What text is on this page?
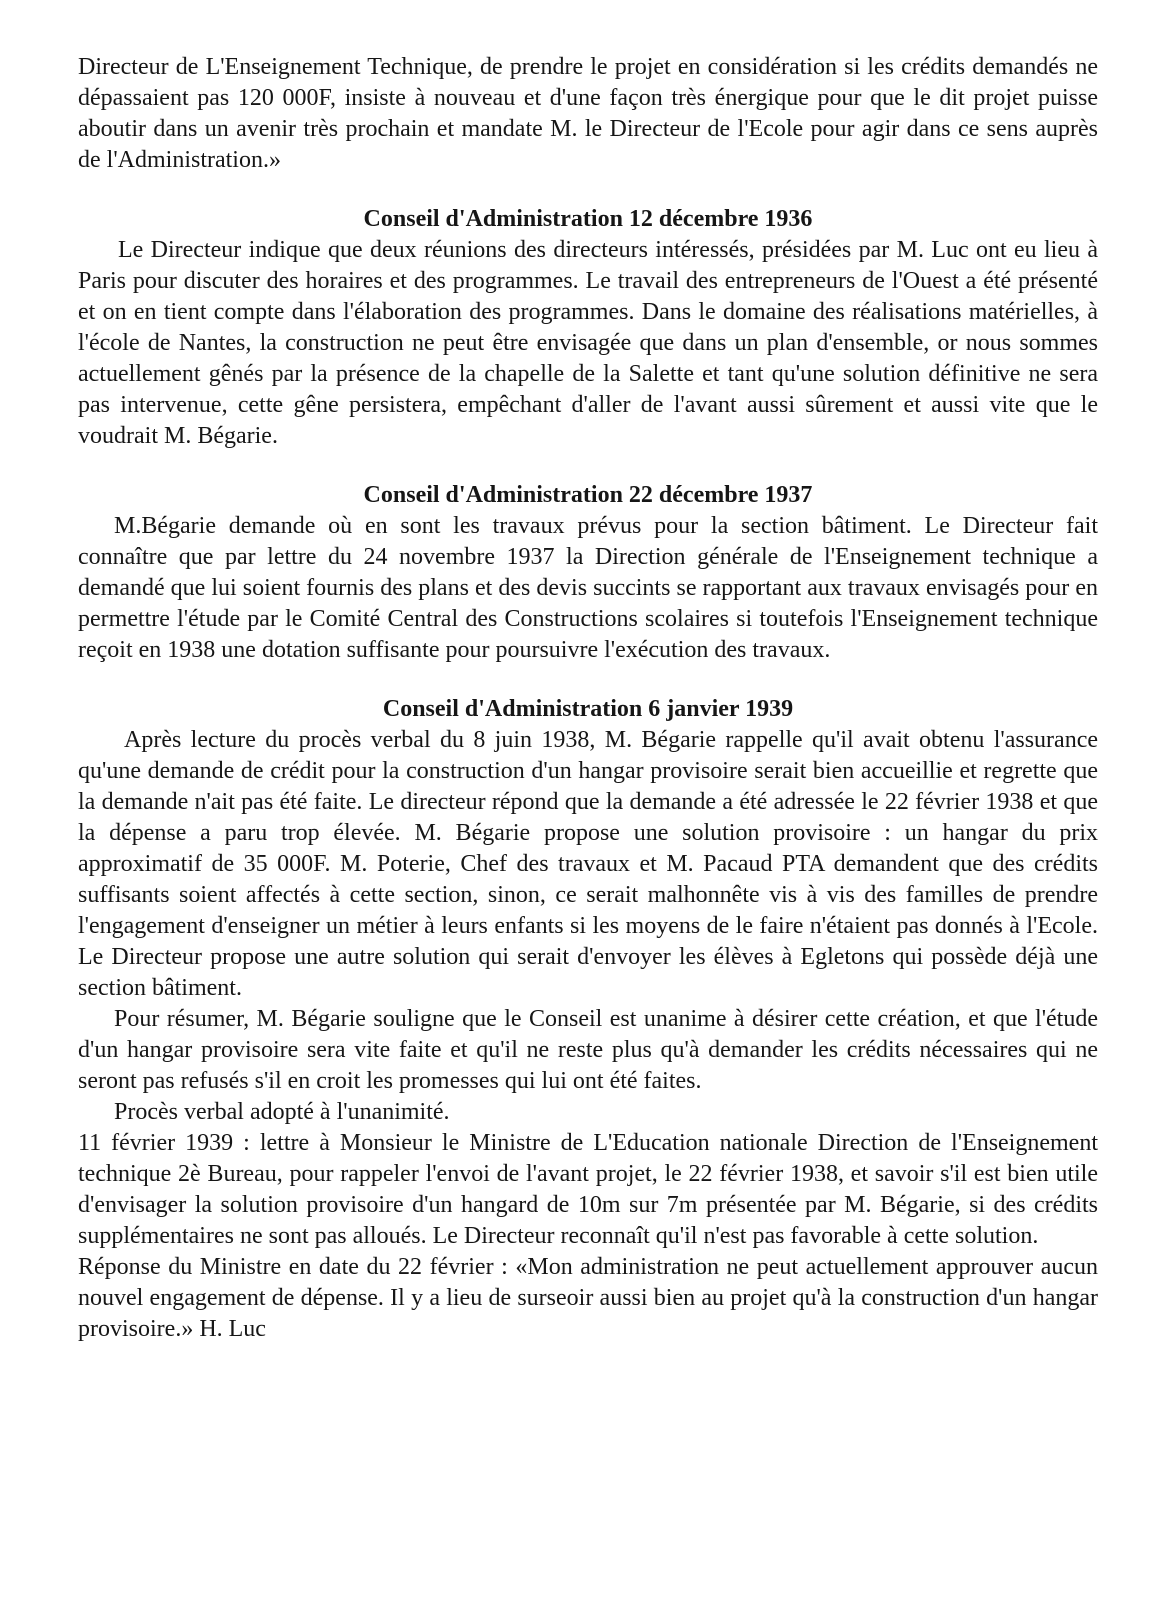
Directeur de L'Enseignement Technique, de prendre le projet en considération si les crédits demandés ne dépassaient pas 120 000F, insiste à nouveau et d'une façon très énergique pour que le dit projet puisse aboutir dans un avenir très prochain et mandate M. le Directeur de l'Ecole pour agir dans ce sens auprès de l'Administration.»

Conseil d'Administration 12 décembre 1936

Le Directeur indique que deux réunions des directeurs intéressés, présidées par M. Luc ont eu lieu à Paris pour discuter des horaires et des programmes. Le travail des entrepreneurs de l'Ouest a été présenté et on en tient compte dans l'élaboration des programmes. Dans le domaine des réalisations matérielles, à l'école de Nantes, la construction ne peut être envisagée que dans un plan d'ensemble, or nous sommes actuellement gênés par la présence de la chapelle de la Salette et tant qu'une solution définitive ne sera pas intervenue, cette gêne persistera, empêchant d'aller de l'avant aussi sûrement et aussi vite que le voudrait M. Bégarie.

Conseil d'Administration 22 décembre 1937

M.Bégarie demande où en sont les travaux prévus pour la section bâtiment. Le Directeur fait connaître que par lettre du 24 novembre 1937 la Direction générale de l'Enseignement technique a demandé que lui soient fournis des plans et des devis succints se rapportant aux travaux envisagés pour en permettre l'étude par le Comité Central des Constructions scolaires si toutefois l'Enseignement technique reçoit en 1938 une dotation suffisante pour poursuivre l'exécution des travaux.

Conseil d'Administration 6 janvier 1939

Après lecture du procès verbal du 8 juin 1938, M. Bégarie rappelle qu'il avait obtenu l'assurance qu'une demande de crédit pour la construction d'un hangar provisoire serait bien accueillie et regrette que la demande n'ait pas été faite. Le directeur répond que la demande a été adressée le 22 février 1938 et que la dépense a paru trop élevée. M. Bégarie propose une solution provisoire : un hangar du prix approximatif de 35 000F. M. Poterie, Chef des travaux et M. Pacaud PTA demandent que des crédits suffisants soient affectés à cette section, sinon, ce serait malhonnête vis à vis des familles de prendre l'engagement d'enseigner un métier à leurs enfants si les moyens de le faire n'étaient pas donnés à l'Ecole. Le Directeur propose une autre solution qui serait d'envoyer les élèves à Egletons qui possède déjà une section bâtiment.

Pour résumer, M. Bégarie souligne que le Conseil est unanime à désirer cette création, et que l'étude d'un hangar provisoire sera vite faite et qu'il ne reste plus qu'à demander les crédits nécessaires qui ne seront pas refusés s'il en croit les promesses qui lui ont été faites.

Procès verbal adopté à l'unanimité.

11 février 1939 : lettre à Monsieur le Ministre de L'Education nationale Direction de l'Enseignement technique 2è Bureau, pour rappeler l'envoi de l'avant projet, le 22 février 1938, et savoir s'il est bien utile d'envisager la solution provisoire d'un hangard de 10m sur 7m présentée par M. Bégarie, si des crédits supplémentaires ne sont pas alloués. Le Directeur reconnaît qu'il n'est pas favorable à cette solution.

Réponse du Ministre en date du 22 février : «Mon administration ne peut actuellement approuver aucun nouvel engagement de dépense. Il y a lieu de surseoir aussi bien au projet qu'à la construction d'un hangar provisoire.» H. Luc
